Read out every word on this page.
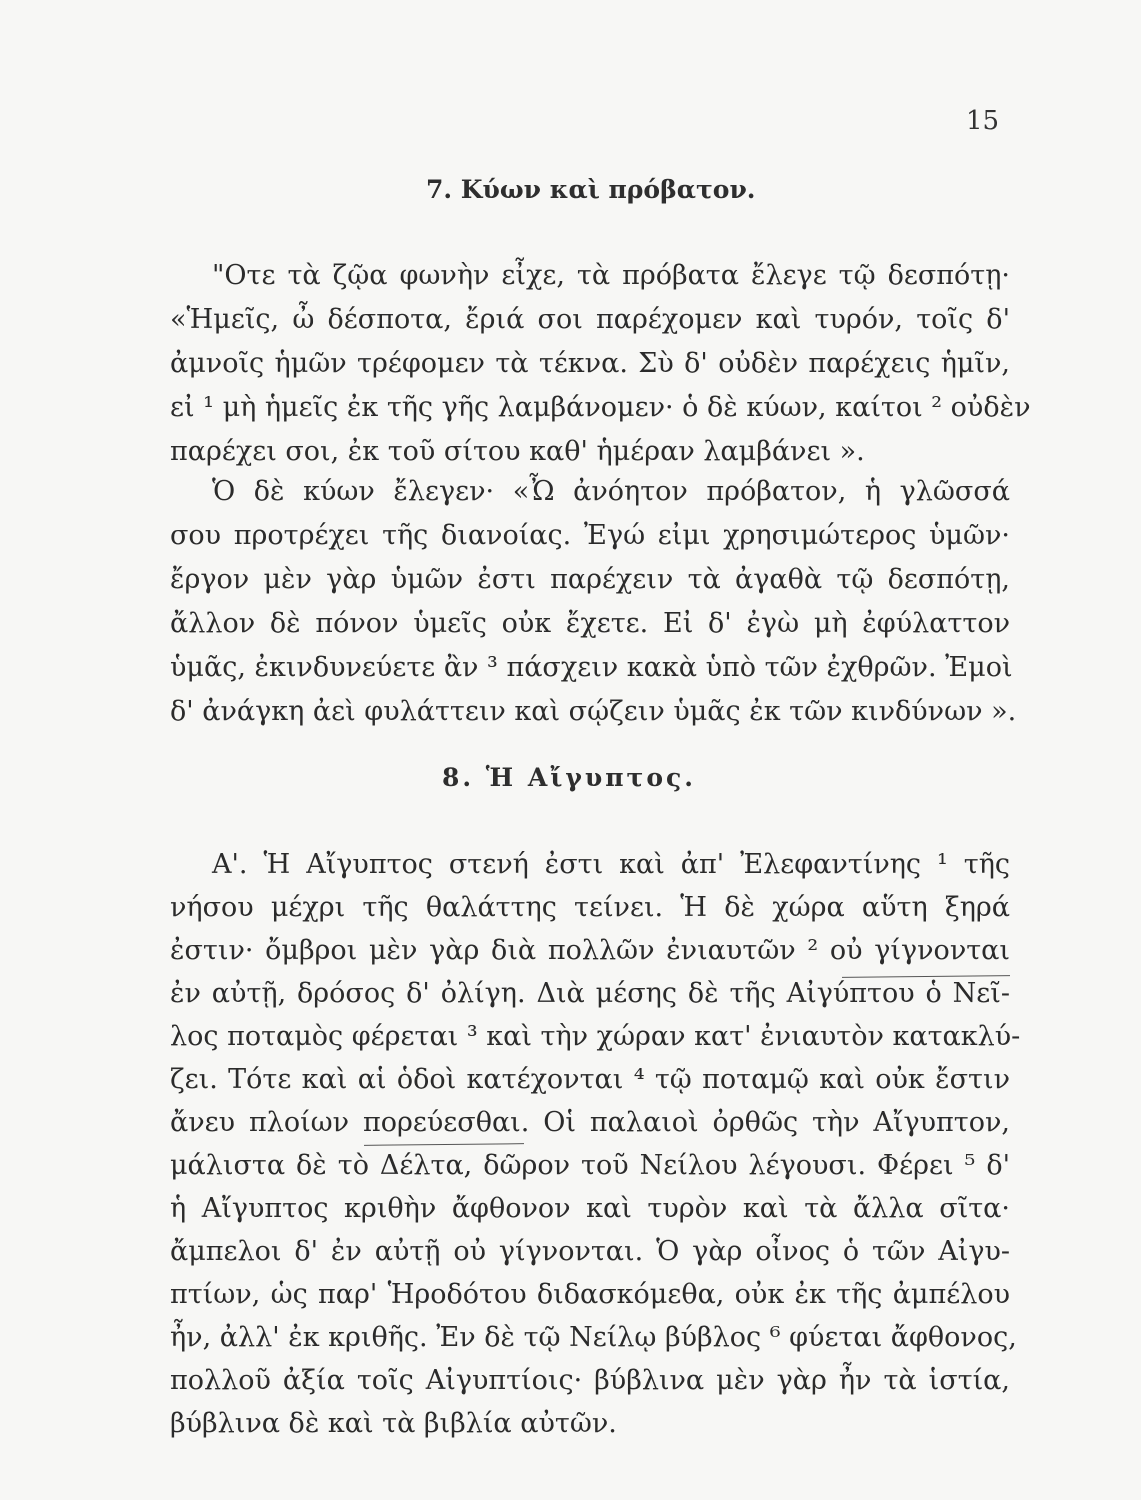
15
7. Κύων καὶ πρόβατον.
"Οτε τὰ ζῷα φωνὴν εἶχε, τὰ πρόβατα ἔλεγε τῷ δεσπότῃ·
«Ἡμεῖς, ὦ δέσποτα, ἔριά σοι παρέχομεν καὶ τυρόν, τοῖς δ'
ἀμνοῖς ἡμῶν τρέφομεν τὰ τέκνα. Σὺ δ' οὐδὲν παρέχεις ἡμῖν,
εἰ ¹ μὴ ἡμεῖς ἐκ τῆς γῆς λαμβάνομεν· ὁ δὲ κύων, καίτοι ² οὐδὲν
παρέχει σοι, ἐκ τοῦ σίτου καθ' ἡμέραν λαμβάνει ».
Ὁ δὲ κύων ἔλεγεν· «Ὦ ἀνόητον πρόβατον, ἡ γλῶσσά
σου προτρέχει τῆς διανοίας. Ἐγώ εἰμι χρησιμώτερος ὑμῶν·
ἔργον μὲν γὰρ ὑμῶν ἐστι παρέχειν τὰ ἀγαθὰ τῷ δεσπότῃ,
ἄλλον δὲ πόνον ὑμεῖς οὐκ ἔχετε. Εἰ δ' ἐγὼ μὴ ἐφύλαττον
ὑμᾶς, ἐκινδυνεύετε ἂν ³ πάσχειν κακὰ ὑπὸ τῶν ἐχθρῶν. Ἐμοὶ
δ' ἀνάγκη ἀεὶ φυλάττειν καὶ σῴζειν ὑμᾶς ἐκ τῶν κινδύνων ».
8. Ἡ Αἴγυπτος.
Α'. Ἡ Αἴγυπτος στενή ἐστι καὶ ἀπ' Ἐλεφαντίνης ¹ τῆς
νήσου μέχρι τῆς θαλάττης τείνει. Ἡ δὲ χώρα αὕτη ξηρά
ἐστιν· ὄμβροι μὲν γὰρ διὰ πολλῶν ἐνιαυτῶν ² οὐ γίγνονται
ἐν αὐτῇ, δρόσος δ' ὀλίγη. Διὰ μέσης δὲ τῆς Αἰγύπτου ὁ Νεῖ-
λος ποταμὸς φέρεται ³ καὶ τὴν χώραν κατ' ἐνιαυτὸν κατακλύ-
ζει. Τότε καὶ αἱ ὁδοὶ κατέχονται ⁴ τῷ ποταμῷ καὶ οὐκ ἔστιν
ἄνευ πλοίων πορεύεσθαι. Οἱ παλαιοὶ ὀρθῶς τὴν Αἴγυπτον,
μάλιστα δὲ τὸ Δέλτα, δῶρον τοῦ Νείλου λέγουσι. Φέρει ⁵ δ'
ἡ Αἴγυπτος κριθὴν ἄφθονον καὶ τυρὸν καὶ τὰ ἄλλα σῖτα·
ἄμπελοι δ' ἐν αὐτῇ οὐ γίγνονται. Ὁ γὰρ οἶνος ὁ τῶν Αἰγυ-
πτίων, ὡς παρ' Ἡροδότου διδασκόμεθα, οὐκ ἐκ τῆς ἀμπέλου
ἦν, ἀλλ' ἐκ κριθῆς. Ἐν δὲ τῷ Νείλῳ βύβλος ⁶ φύεται ἄφθονος,
πολλοῦ ἀξία τοῖς Αἰγυπτίοις· βύβλινα μὲν γὰρ ἦν τὰ ἱστία,
βύβλινα δὲ καὶ τὰ βιβλία αὐτῶν.
